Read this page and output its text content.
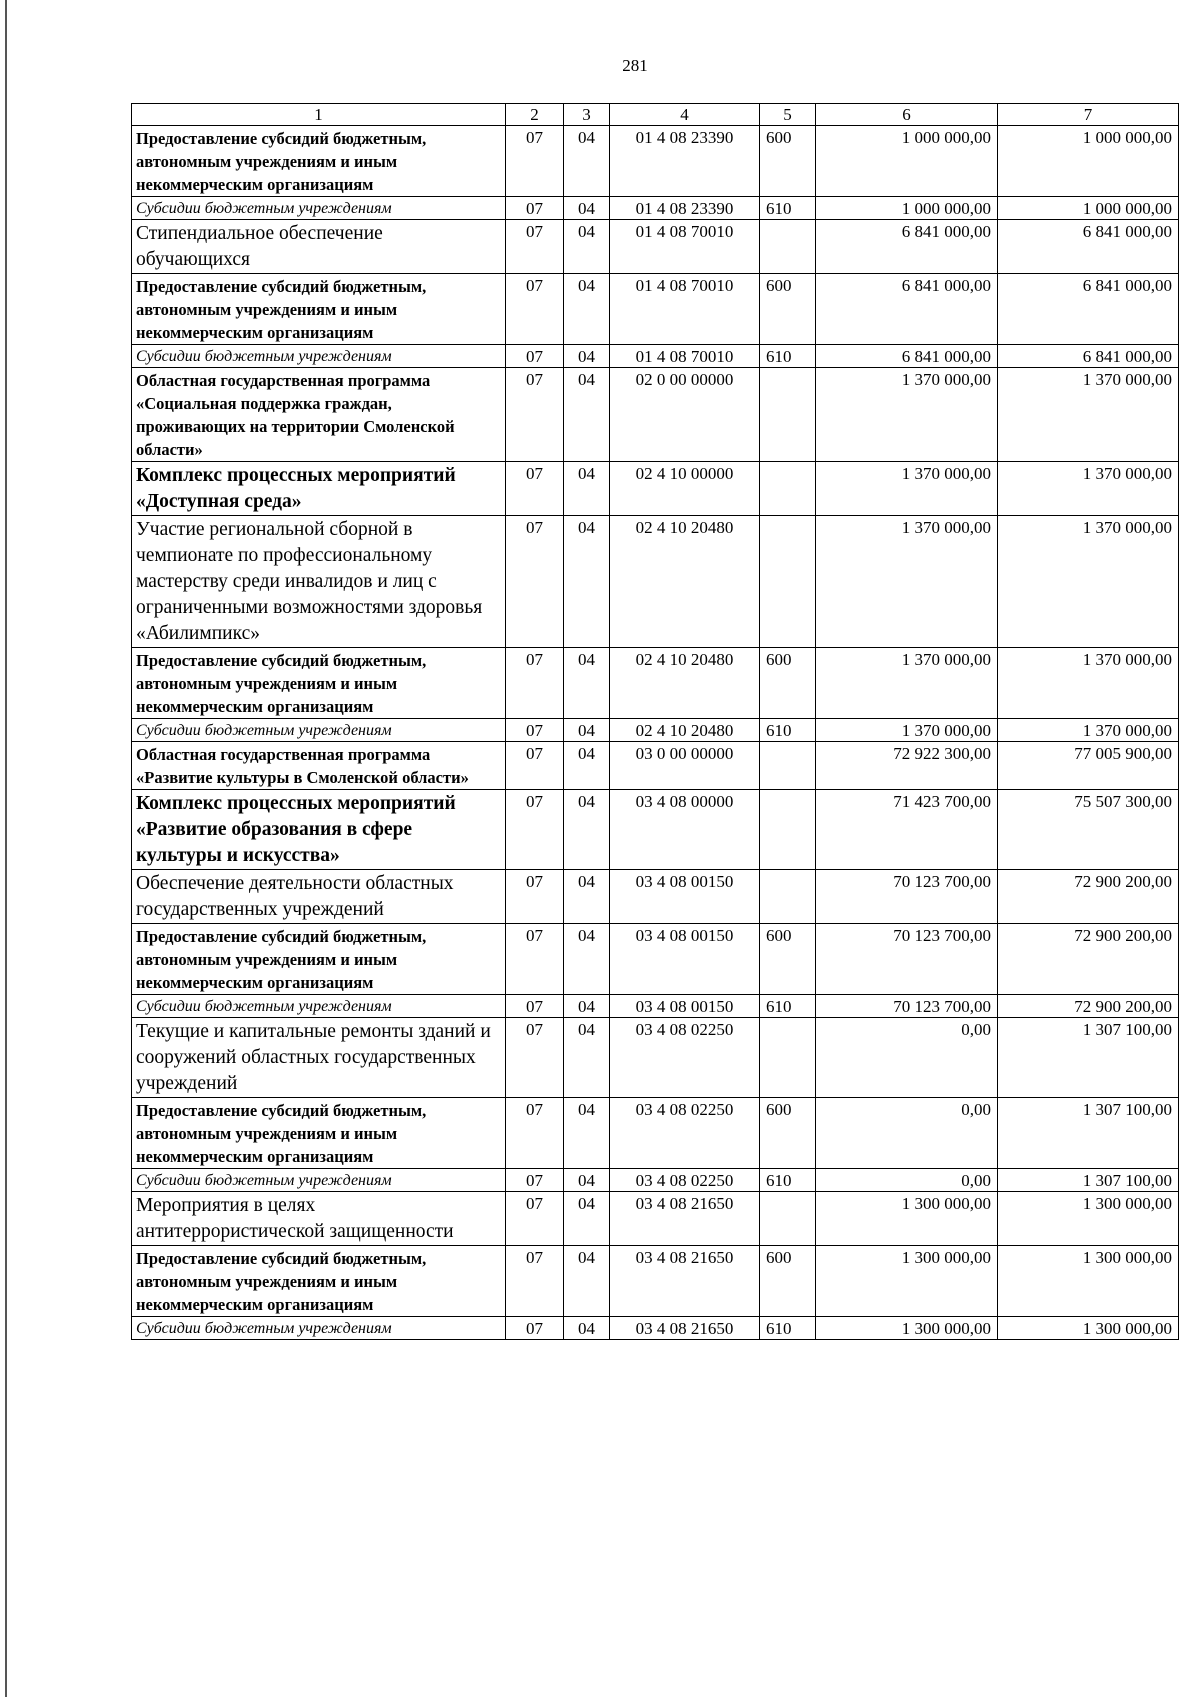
281
1	2	3	4	5	6	7
Предоставление субсидий бюджетным, автономным учреждениям и иным некоммерческим организациям	07	04	01 4 08 23390	600	1 000 000,00	1 000 000,00
Субсидии бюджетным учреждениям	07	04	01 4 08 23390	610	1 000 000,00	1 000 000,00
Стипендиальное обеспечение обучающихся	07	04	01 4 08 70010		6 841 000,00	6 841 000,00
Предоставление субсидий бюджетным, автономным учреждениям и иным некоммерческим организациям	07	04	01 4 08 70010	600	6 841 000,00	6 841 000,00
Субсидии бюджетным учреждениям	07	04	01 4 08 70010	610	6 841 000,00	6 841 000,00
Областная государственная программа «Социальная поддержка граждан, проживающих на территории Смоленской области»	07	04	02 0 00 00000		1 370 000,00	1 370 000,00
Комплекс процессных мероприятий «Доступная среда»	07	04	02 4 10 00000		1 370 000,00	1 370 000,00
Участие региональной сборной в чемпионате по профессиональному мастерству среди инвалидов и лиц с ограниченными возможностями здоровья «Абилимпикс»	07	04	02 4 10 20480		1 370 000,00	1 370 000,00
Предоставление субсидий бюджетным, автономным учреждениям и иным некоммерческим организациям	07	04	02 4 10 20480	600	1 370 000,00	1 370 000,00
Субсидии бюджетным учреждениям	07	04	02 4 10 20480	610	1 370 000,00	1 370 000,00
Областная государственная программа «Развитие культуры в Смоленской области»	07	04	03 0 00 00000		72 922 300,00	77 005 900,00
Комплекс процессных мероприятий «Развитие образования в сфере культуры и искусства»	07	04	03 4 08 00000		71 423 700,00	75 507 300,00
Обеспечение деятельности областных государственных учреждений	07	04	03 4 08 00150		70 123 700,00	72 900 200,00
Предоставление субсидий бюджетным, автономным учреждениям и иным некоммерческим организациям	07	04	03 4 08 00150	600	70 123 700,00	72 900 200,00
Субсидии бюджетным учреждениям	07	04	03 4 08 00150	610	70 123 700,00	72 900 200,00
Текущие и капитальные ремонты зданий и сооружений областных государственных учреждений	07	04	03 4 08 02250		0,00	1 307 100,00
Предоставление субсидий бюджетным, автономным учреждениям и иным некоммерческим организациям	07	04	03 4 08 02250	600	0,00	1 307 100,00
Субсидии бюджетным учреждениям	07	04	03 4 08 02250	610	0,00	1 307 100,00
Мероприятия в целях антитеррористической защищенности	07	04	03 4 08 21650		1 300 000,00	1 300 000,00
Предоставление субсидий бюджетным, автономным учреждениям и иным некоммерческим организациям	07	04	03 4 08 21650	600	1 300 000,00	1 300 000,00
Субсидии бюджетным учреждениям	07	04	03 4 08 21650	610	1 300 000,00	1 300 000,00
